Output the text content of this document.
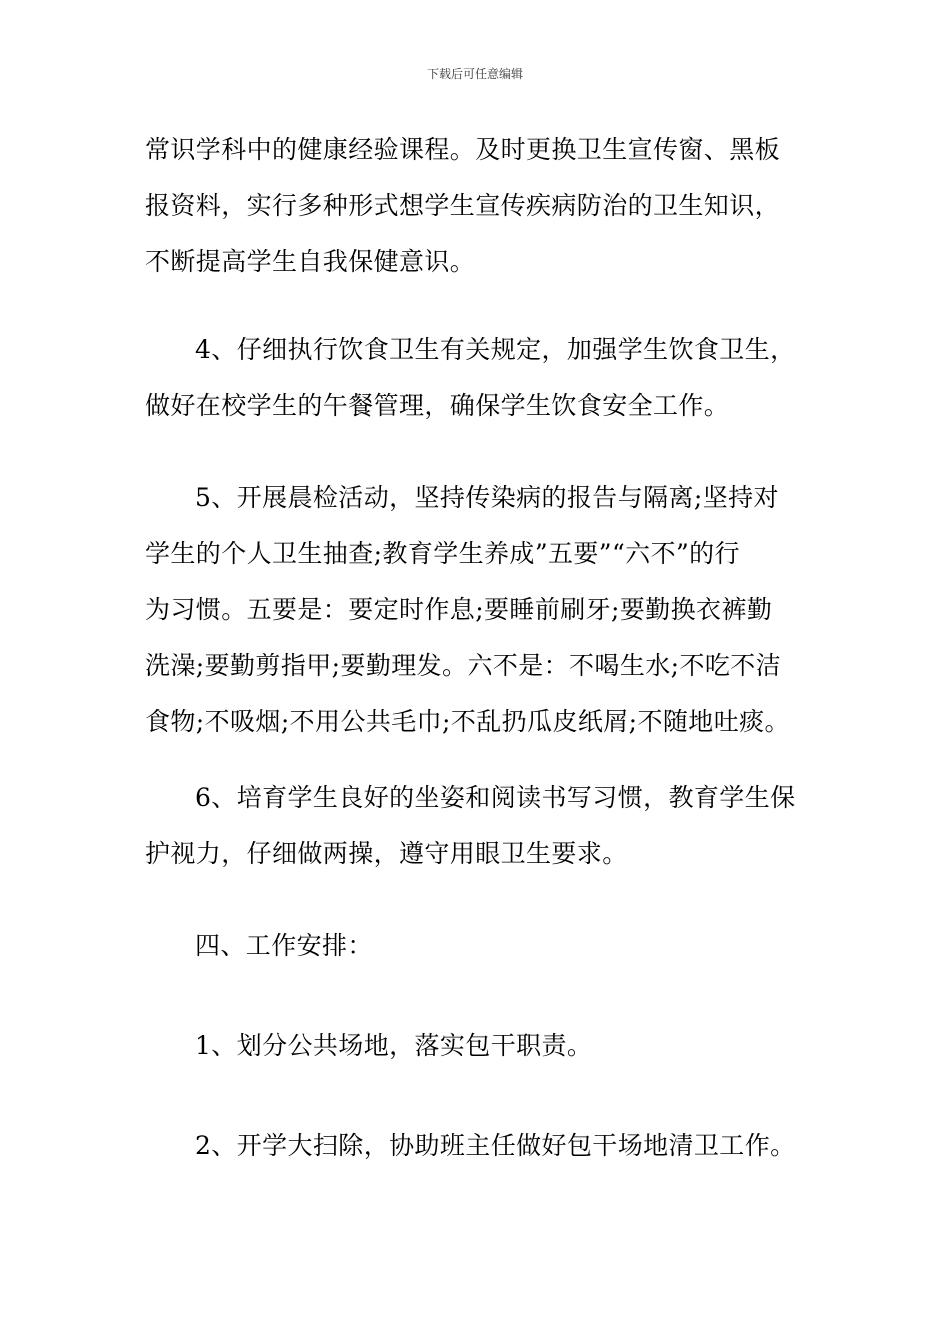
下载后可任意编辑
常识学科中的健康经验课程。及时更换卫生宣传窗、黑板
报资料，实行多种形式想学生宣传疾病防治的卫生知识，
不断提高学生自我保健意识。
4、仔细执行饮食卫生有关规定，加强学生饮食卫生，
做好在校学生的午餐管理，确保学生饮食安全工作。
5、开展晨检活动，坚持传染病的报告与隔离;坚持对
学生的个人卫生抽查;教育学生养成”五要”“六不”的行
为习惯。五要是：要定时作息;要睡前刷牙;要勤换衣裤勤
洗澡;要勤剪指甲;要勤理发。六不是：不喝生水;不吃不洁
食物;不吸烟;不用公共毛巾;不乱扔瓜皮纸屑;不随地吐痰。
6、培育学生良好的坐姿和阅读书写习惯，教育学生保
护视力，仔细做两操，遵守用眼卫生要求。
四、工作安排：
1、划分公共场地，落实包干职责。
2、开学大扫除，协助班主任做好包干场地清卫工作。
